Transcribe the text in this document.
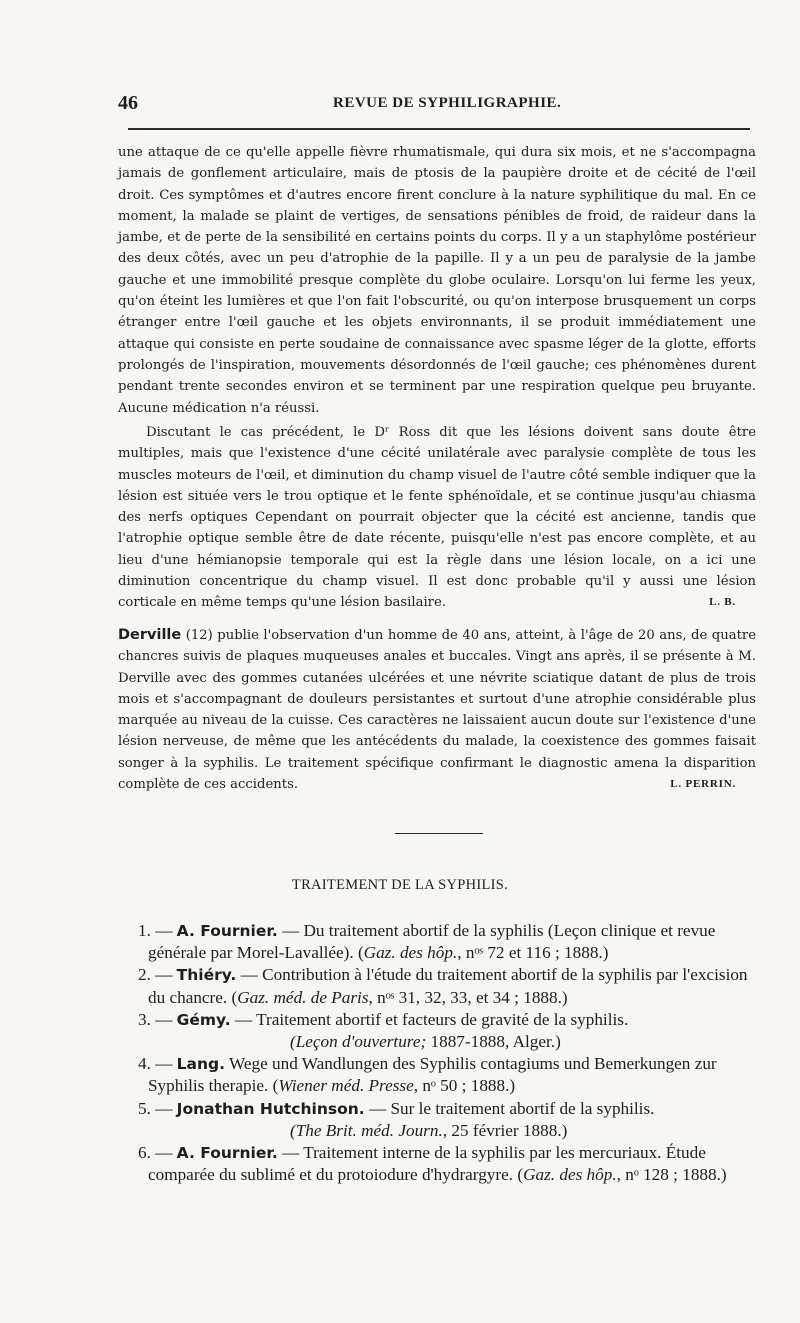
46	REVUE DE SYPHILIGRAPHIE.

une attaque de ce qu'elle appelle fièvre rhumatismale, qui dura six mois, et ne s'accompagna jamais de gonflement articulaire, mais de ptosis de la paupière droite et de cécité de l'œil droit. Ces symptômes et d'autres encore firent conclure à la nature syphilitique du mal. En ce moment, la malade se plaint de vertiges, de sensations pénibles de froid, de raideur dans la jambe, et de perte de la sensibilité en certains points du corps. Il y a un staphylôme postérieur des deux côtés, avec un peu d'atrophie de la papille. Il y a un peu de paralysie de la jambe gauche et une immobilité presque complète du globe oculaire. Lorsqu'on lui ferme les yeux, qu'on éteint les lumières et que l'on fait l'obscurité, ou qu'on interpose brusquement un corps étranger entre l'œil gauche et les objets environnants, il se produit immédiatement une attaque qui consiste en perte soudaine de connaissance avec spasme léger de la glotte, efforts prolongés de l'inspiration, mouvements désordonnés de l'œil gauche; ces phénomènes durent pendant trente secondes environ et se terminent par une respiration quelque peu bruyante. Aucune médication n'a réussi.

Discutant le cas précédent, le Dʳ Ross dit que les lésions doivent sans doute être multiples, mais que l'existence d'une cécité unilatérale avec paralysie complète de tous les muscles moteurs de l'œil, et diminution du champ visuel de l'autre côté semble indiquer que la lésion est située vers le trou optique et le fente sphénoïdale, et se continue jusqu'au chiasma des nerfs optiques Cependant on pourrait objecter que la cécité est ancienne, tandis que l'atrophie optique semble être de date récente, puisqu'elle n'est pas encore complète, et au lieu d'une hémianopsie temporale qui est la règle dans une lésion locale, on a ici une diminution concentrique du champ visuel. Il est donc probable qu'il y aussi une lésion corticale en même temps qu'une lésion basilaire.	L. B.

Derville (12) publie l'observation d'un homme de 40 ans, atteint, à l'âge de 20 ans, de quatre chancres suivis de plaques muqueuses anales et buccales. Vingt ans après, il se présente à M. Derville avec des gommes cutanées ulcérées et une névrite sciatique datant de plus de trois mois et s'accompagnant de douleurs persistantes et surtout d'une atrophie considérable plus marquée au niveau de la cuisse. Ces caractères ne laissaient aucun doute sur l'existence d'une lésion nerveuse, de même que les antécédents du malade, la coexistence des gommes faisait songer à la syphilis. Le traitement spécifique confirmant le diagnostic amena la disparition complète de ces accidents.	L. PERRIN.

TRAITEMENT DE LA SYPHILIS.
1. — A. Fournier. — Du traitement abortif de la syphilis (Leçon clinique et revue générale par Morel-Lavallée). (Gaz. des hôp., nᵒˢ 72 et 116 ; 1888.)
2. — Thiéry. — Contribution à l'étude du traitement abortif de la syphilis par l'excision du chancre. (Gaz. méd. de Paris, nᵒˢ 31, 32, 33, et 34 ; 1888.)
3. — Gémy. — Traitement abortif et facteurs de gravité de la syphilis.
(Leçon d'ouverture; 1887-1888, Alger.)
4. — Lang. Wege und Wandlungen des Syphilis contagiums und Bemerkungen zur Syphilis therapie. (Wiener méd. Presse, nᵒ 50 ; 1888.)
5. — Jonathan Hutchinson. — Sur le traitement abortif de la syphilis.
(The Brit. méd. Journ., 25 février 1888.)
6. — A. Fournier. — Traitement interne de la syphilis par les mercuriaux. Étude comparée du sublimé et du protoiodure d'hydrargyre. (Gaz. des hôp., nᵒ 128 ; 1888.)
